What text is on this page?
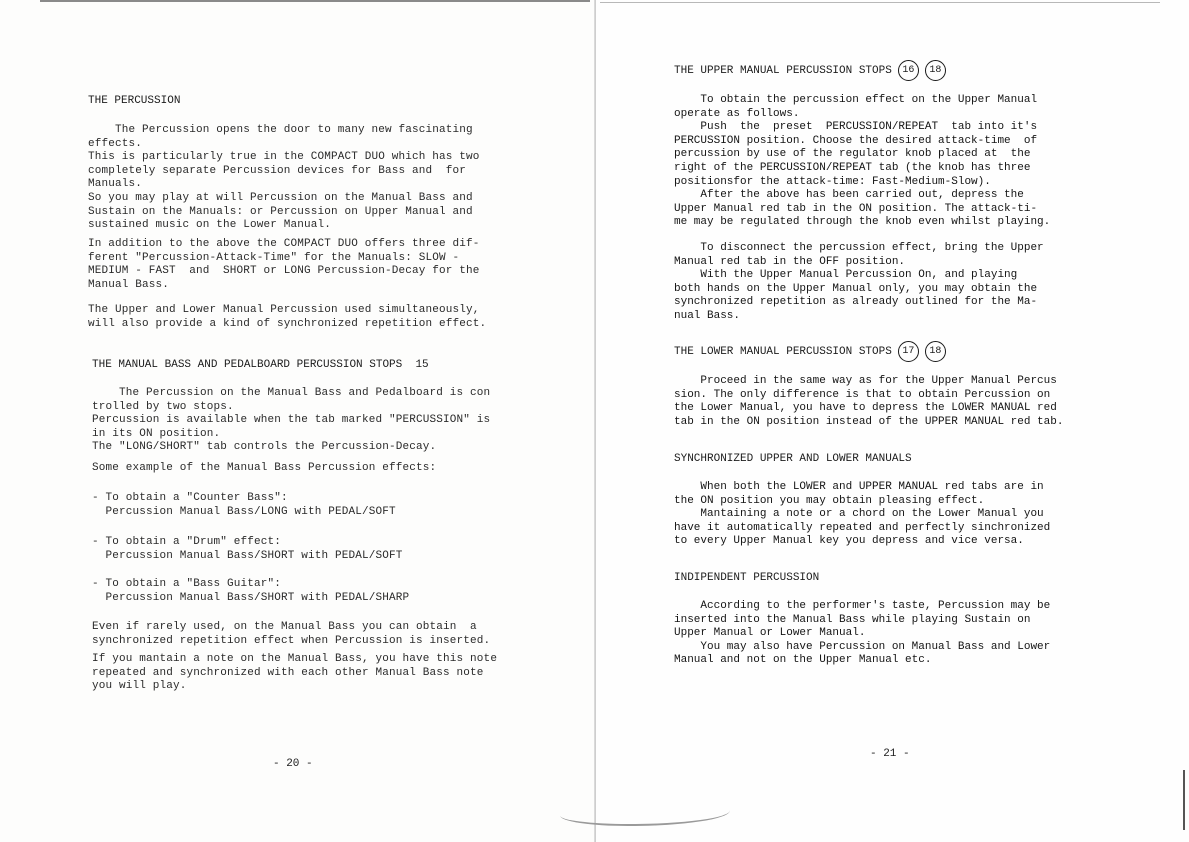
THE PERCUSSION

The Percussion opens the door to many new fascinating
effects.
This is particularly true in the COMPACT DUO which has two
completely separate Percussion devices for Bass and  for
Manuals.
So you may play at will Percussion on the Manual Bass and
Sustain on the Manuals: or Percussion on Upper Manual and
sustained music on the Lower Manual.

In addition to the above the COMPACT DUO offers three dif-
ferent "Percussion-Attack-Time" for the Manuals: SLOW -
MEDIUM - FAST  and  SHORT or LONG Percussion-Decay for the
Manual Bass.

The Upper and Lower Manual Percussion used simultaneously,
will also provide a kind of synchronized repetition effect.

THE MANUAL BASS AND PEDALBOARD PERCUSSION STOPS  15

The Percussion on the Manual Bass and Pedalboard is con
trolled by two stops.
Percussion is available when the tab marked "PERCUSSION" is
in its ON position.
The "LONG/SHORT" tab controls the Percussion-Decay.

Some example of the Manual Bass Percussion effects:

- To obtain a "Counter Bass":
Percussion Manual Bass/LONG with PEDAL/SOFT

- To obtain a "Drum" effect:
Percussion Manual Bass/SHORT with PEDAL/SOFT

- To obtain a "Bass Guitar":
Percussion Manual Bass/SHORT with PEDAL/SHARP

Even if rarely used, on the Manual Bass you can obtain  a
synchronized repetition effect when Percussion is inserted.

If you mantain a note on the Manual Bass, you have this note
repeated and synchronized with each other Manual Bass note
you will play.

- 20 -

THE UPPER MANUAL PERCUSSION STOPS	16	18

To obtain the percussion effect on the Upper Manual
operate as follows.
Push  the  preset  PERCUSSION/REPEAT  tab into it's
PERCUSSION position. Choose the desired attack-time  of
percussion by use of the regulator knob placed at  the
right of the PERCUSSION/REPEAT tab (the knob has three
positionsfor the attack-time: Fast-Medium-Slow).
After the above has been carried out, depress the
Upper Manual red tab in the ON position. The attack-ti-
me may be regulated through the knob even whilst playing.

To disconnect the percussion effect, bring the Upper
Manual red tab in the OFF position.
With the Upper Manual Percussion On, and playing
both hands on the Upper Manual only, you may obtain the
synchronized repetition as already outlined for the Ma-
nual Bass.

THE LOWER MANUAL PERCUSSION STOPS	17	18

Proceed in the same way as for the Upper Manual Percus
sion. The only difference is that to obtain Percussion on
the Lower Manual, you have to depress the LOWER MANUAL red
tab in the ON position instead of the UPPER MANUAL red tab.

SYNCHRONIZED UPPER AND LOWER MANUALS

When both the LOWER and UPPER MANUAL red tabs are in
the ON position you may obtain pleasing effect.
Mantaining a note or a chord on the Lower Manual you
have it automatically repeated and perfectly sinchronized
to every Upper Manual key you depress and vice versa.

INDIPENDENT PERCUSSION

According to the performer's taste, Percussion may be
inserted into the Manual Bass while playing Sustain on
Upper Manual or Lower Manual.
You may also have Percussion on Manual Bass and Lower
Manual and not on the Upper Manual etc.

- 21 -
